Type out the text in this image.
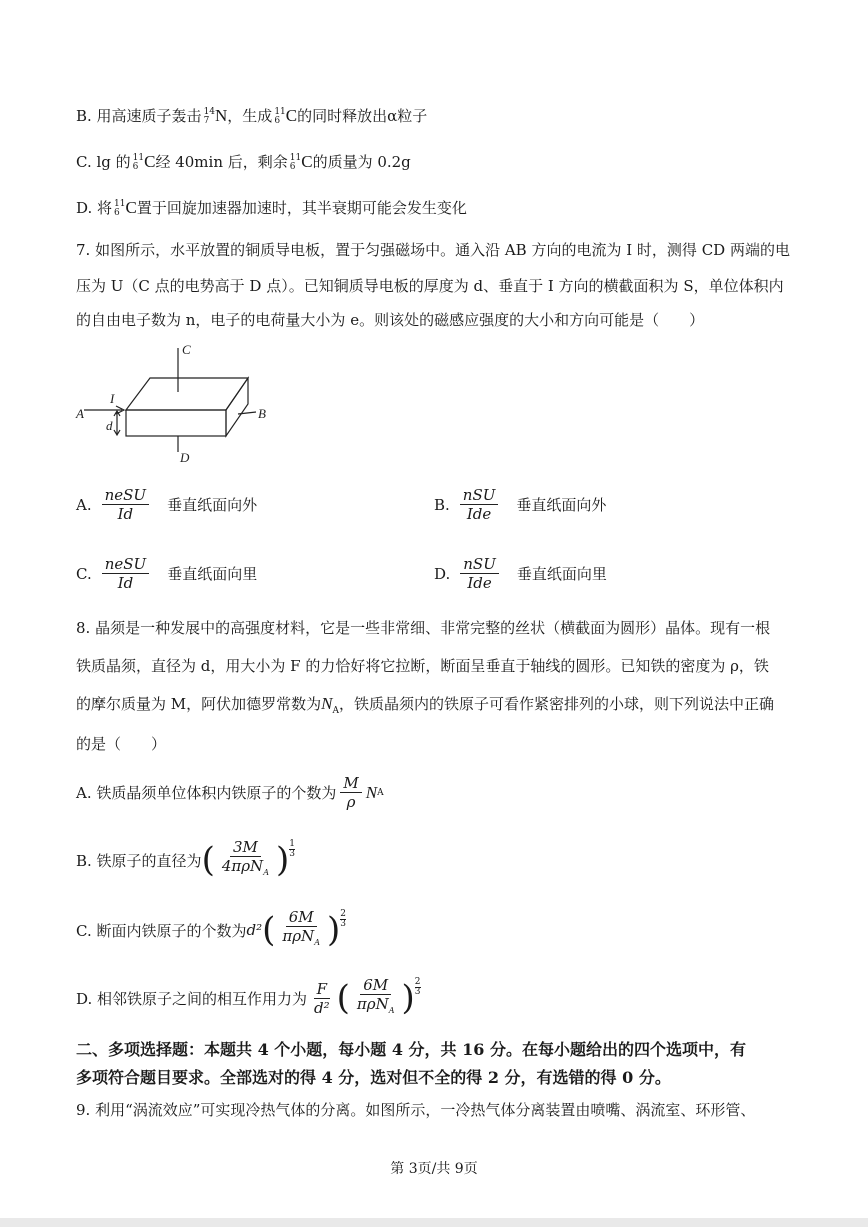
B. 用高速质子轰击 14
7 N，生成 11
6 C的同时释放出α粒子
C. lg 的 11
6 C经 40min 后，剩余 11
6 C的质量为 0.2g
D. 将 11
6 C置于回旋加速器加速时，其半衰期可能会发生变化
7. 如图所示，水平放置的铜质导电板，置于匀强磁场中。通入沿 AB 方向的电流为 I 时，测得 CD 两端的电
压为 U（C 点的电势高于 D 点）。已知铜质导电板的厚度为 d、垂直于 I 方向的横截面积为 S，单位体积内
的自由电子数为 n，电子的电荷量大小为 e。则该处的磁感应强度的大小和方向可能是（　　）
C
D
A	B
I
d
A. $\frac{\text{neSU}}{Id}$ 垂直纸面向外	B. $\frac{\text{nSU}}{\text{Ide}}$ 垂直纸面向外
C. $\frac{\text{neSU}}{Id}$ 垂直纸面向里	D. $\frac{\text{nSU}}{\text{Ide}}$ 垂直纸面向里
8. 晶须是一种发展中的高强度材料，它是一些非常细、非常完整的丝状（横截面为圆形）晶体。现有一根
铁质晶须，直径为 d，用大小为 F 的力恰好将它拉断，断面呈垂直于轴线的圆形。已知铁的密度为 ρ，铁
的摩尔质量为 M，阿伏加德罗常数为$N_A$，铁质晶须内的铁原子可看作紧密排列的小球，则下列说法中正确
的是（　　）
A. 铁质晶须单位体积内铁原子的个数为 $\frac{M}{\rho}$ N A
B. 铁原子的直径为 ( $\frac{3M}{4\pi\rho N_A}$ ) 1
3
C. 断面内铁原子的个数为 d² ( $\frac{6M}{\pi\rho N_A}$ ) 2
3
D. 相邻铁原子之间的相互作用力为 $\frac{F}{\text{d²}}$ ( $\frac{6M}{\pi\rho N_A}$ ) 2
3
二、多项选择题：本题共 4 个小题，每小题 4 分，共 16 分。在每小题给出的四个选项中，有
多项符合题目要求。全部选对的得 4 分，选对但不全的得 2 分，有选错的得 0 分。
9. 利用“涡流效应”可实现冷热气体的分离。如图所示，一冷热气体分离装置由喷嘴、涡流室、环形管、
第 3页/共 9页
